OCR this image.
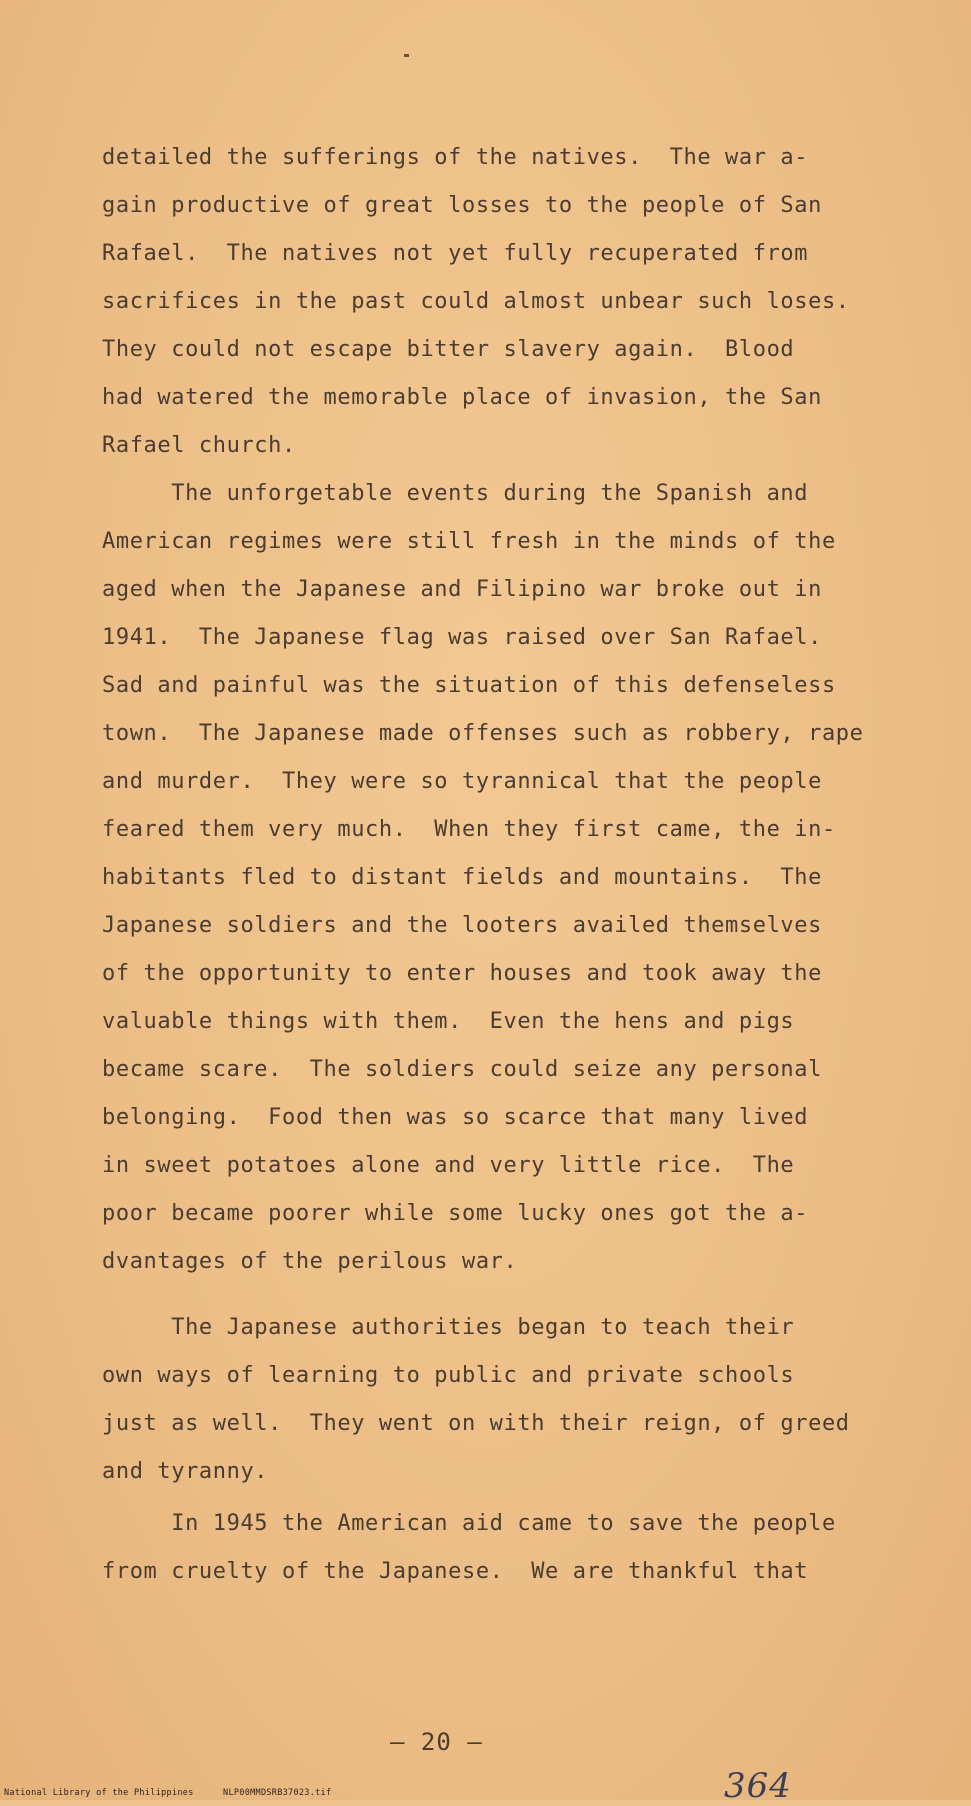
detailed the sufferings of the natives.  The war a-
gain productive of great losses to the people of San
Rafael.  The natives not yet fully recuperated from
sacrifices in the past could almost unbear such loses.
They could not escape bitter slavery again.  Blood
had watered the memorable place of invasion, the San
Rafael church.
The unforgetable events during the Spanish and
American regimes were still fresh in the minds of the
aged when the Japanese and Filipino war broke out in
1941.  The Japanese flag was raised over San Rafael.
Sad and painful was the situation of this defenseless
town.  The Japanese made offenses such as robbery, rape
and murder.  They were so tyrannical that the people
feared them very much.  When they first came, the in-
habitants fled to distant fields and mountains.  The
Japanese soldiers and the looters availed themselves
of the opportunity to enter houses and took away the
valuable things with them.  Even the hens and pigs
became scare.  The soldiers could seize any personal
belonging.  Food then was so scarce that many lived
in sweet potatoes alone and very little rice.  The
poor became poorer while some lucky ones got the a-
dvantages of the perilous war.
The Japanese authorities began to teach their
own ways of learning to public and private schools
just as well.  They went on with their reign, of greed
and tyranny.
In 1945 the American aid came to save the people
from cruelty of the Japanese.  We are thankful that
— 20 —
364
National Library of the Philippines	NLP00MMDSRB37023.tif
